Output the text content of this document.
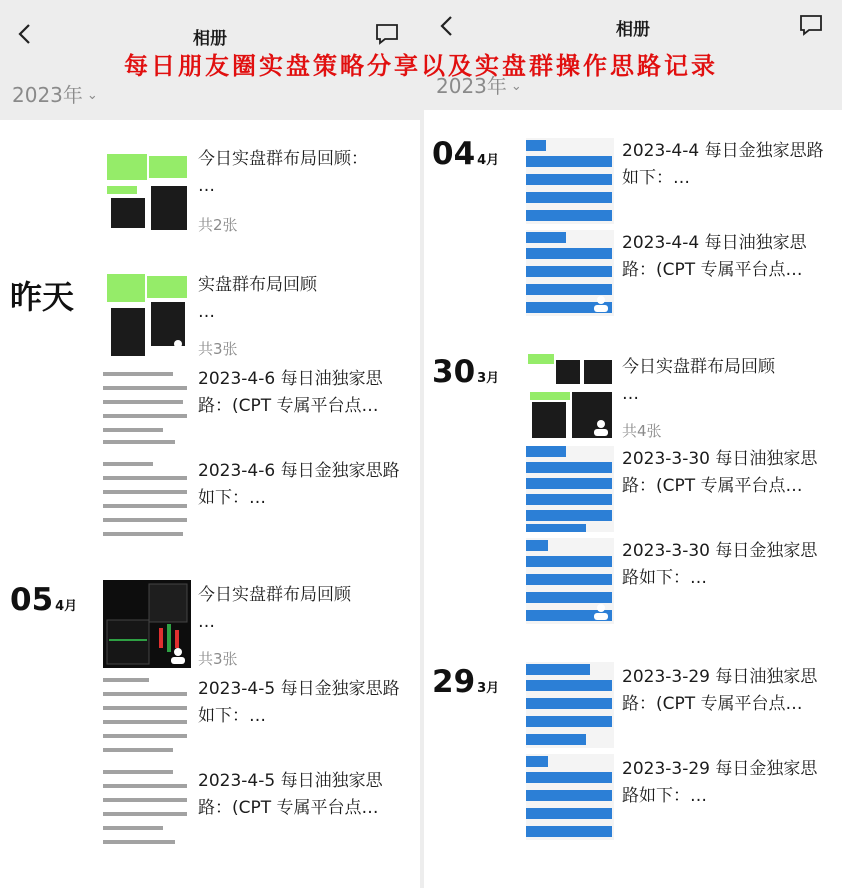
相册
2023年 ⌄
昨天
05 4月
今日实盘群布局回顾：
…
共2张
实盘群布局回顾
…
共3张
2023-4-6 每日油独家思路：(CPT 专属平台点…
2023-4-6 每日金独家思路如下：…
今日实盘群布局回顾
…
共3张
2023-4-5 每日金独家思路如下：…
2023-4-5 每日油独家思路：(CPT 专属平台点…
相册
2023年 ⌄
04 4月
30 3月
29 3月
2023-4-4 每日金独家思路如下：…
2023-4-4 每日油独家思路：(CPT 专属平台点…
今日实盘群布局回顾
…
共4张
2023-3-30 每日油独家思路：(CPT 专属平台点…
2023-3-30 每日金独家思路如下：…
2023-3-29 每日油独家思路：(CPT 专属平台点…
2023-3-29 每日金独家思路如下：…
每日朋友圈实盘策略分享以及实盘群操作思路记录
